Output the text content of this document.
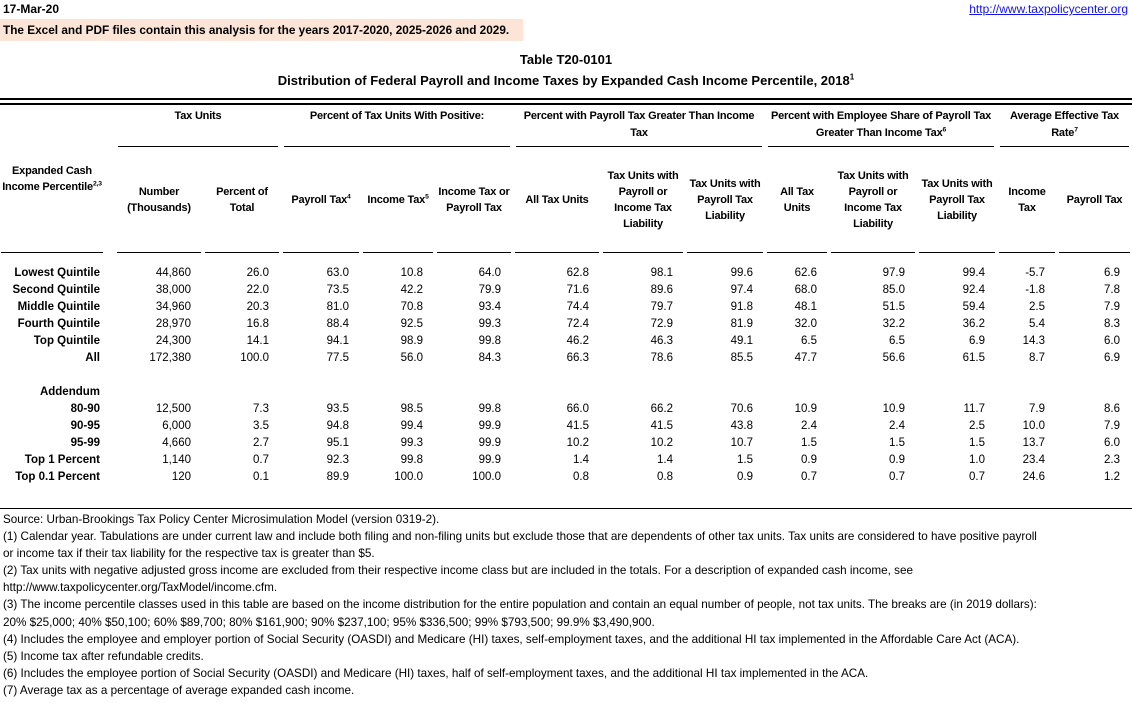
17-Mar-20	http://www.taxpolicycenter.org
The Excel and PDF files contain this analysis for the years 2017-2020, 2025-2026 and 2029.
Table T20-0101
Distribution of Federal Payroll and Income Taxes by Expanded Cash Income Percentile, 2018$^1$
Expanded Cash Income Percentile$^{2,3}$	Tax Units		Percent of Tax Units With Positive:			Percent with Payroll Tax Greater Than Income Tax			Percent with Employee Share of Payroll Tax Greater Than Income Tax$^6$			Average Effective Tax Rate$^7$

	Number (Thousands)	Percent of Total	Payroll Tax$^4$	Income Tax$^5$	Income Tax or Payroll Tax	All Tax Units	Tax Units with Payroll or Income Tax Liability	Tax Units with Payroll Tax Liability	All Tax Units	Tax Units with Payroll or Income Tax Liability	Tax Units with Payroll Tax Liability	Income Tax	Payroll Tax

Lowest Quintile	44,860	26.0	63.0	10.8	64.0	62.8	98.1	99.6	62.6	97.9	99.4	-5.7	6.9
Second Quintile	38,000	22.0	73.5	42.2	79.9	71.6	89.6	97.4	68.0	85.0	92.4	-1.8	7.8
Middle Quintile	34,960	20.3	81.0	70.8	93.4	74.4	79.7	91.8	48.1	51.5	59.4	2.5	7.9
Fourth Quintile	28,970	16.8	88.4	92.5	99.3	72.4	72.9	81.9	32.0	32.2	36.2	5.4	8.3
Top Quintile	24,300	14.1	94.1	98.9	99.8	46.2	46.3	49.1	6.5	6.5	6.9	14.3	6.0
All	172,380	100.0	77.5	56.0	84.3	66.3	78.6	85.5	47.7	56.6	61.5	8.7	6.9

Addendum													
80-90	12,500	7.3	93.5	98.5	99.8	66.0	66.2	70.6	10.9	10.9	11.7	7.9	8.6
90-95	6,000	3.5	94.8	99.4	99.9	41.5	41.5	43.8	2.4	2.4	2.5	10.0	7.9
95-99	4,660	2.7	95.1	99.3	99.9	10.2	10.2	10.7	1.5	1.5	1.5	13.7	6.0
Top 1 Percent	1,140	0.7	92.3	99.8	99.9	1.4	1.4	1.5	0.9	0.9	1.0	23.4	2.3
Top 0.1 Percent	120	0.1	89.9	100.0	100.0	0.8	0.8	0.9	0.7	0.7	0.7	24.6	1.2
Source: Urban-Brookings Tax Policy Center Microsimulation Model (version 0319-2).
(1) Calendar year. Tabulations are under current law and include both filing and non-filing units but exclude those that are dependents of other tax units. Tax units are considered to have positive payroll
or income tax if their tax liability for the respective tax is greater than $5.
(2) Tax units with negative adjusted gross income are excluded from their respective income class but are included in the totals. For a description of expanded cash income, see
http://www.taxpolicycenter.org/TaxModel/income.cfm.
(3) The income percentile classes used in this table are based on the income distribution for the entire population and contain an equal number of people, not tax units. The breaks are (in 2019 dollars):
20% $25,000; 40% $50,100; 60% $89,700; 80% $161,900; 90% $237,100; 95% $336,500; 99% $793,500; 99.9% $3,490,900.
(4) Includes the employee and employer portion of Social Security (OASDI) and Medicare (HI) taxes, self-employment taxes, and the additional HI tax implemented in the Affordable Care Act (ACA).
(5) Income tax after refundable credits.
(6) Includes the employee portion of Social Security (OASDI) and Medicare (HI) taxes, half of self-employment taxes, and the additional HI tax implemented in the ACA.
(7) Average tax as a percentage of average expanded cash income.
